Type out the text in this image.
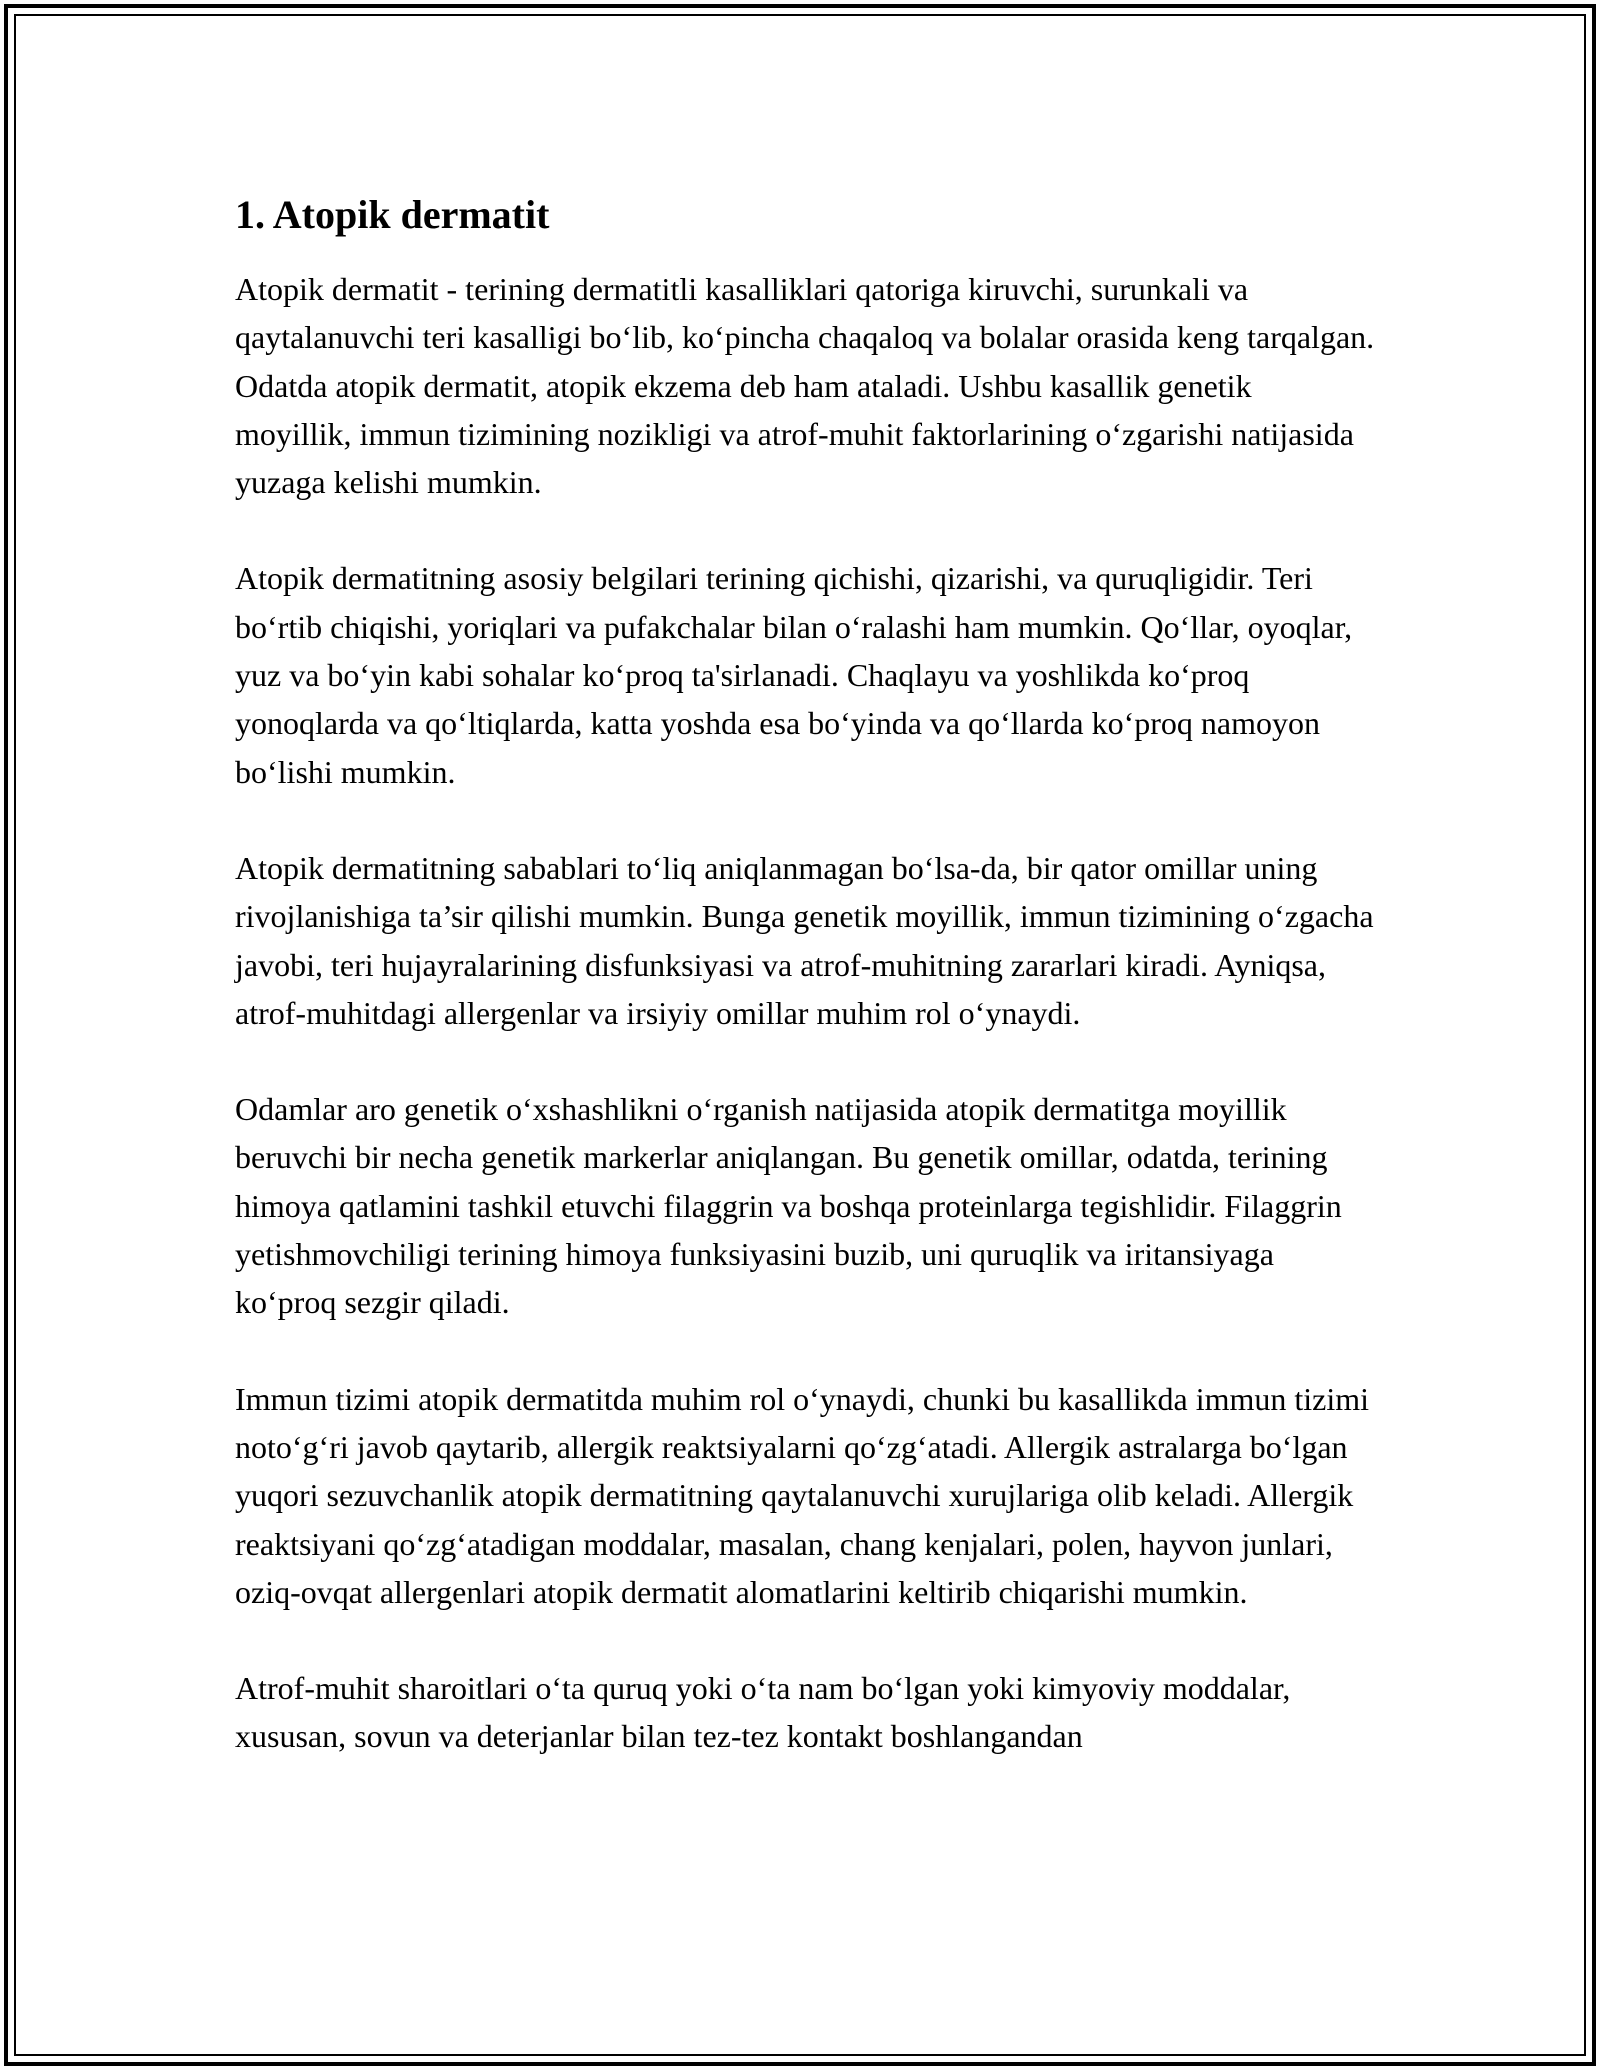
1. Atopik dermatit

Atopik dermatit - terining dermatitli kasalliklari qatoriga kiruvchi, surunkali va qaytalanuvchi teri kasalligi bo‘lib, ko‘pincha chaqaloq va bolalar orasida keng tarqalgan. Odatda atopik dermatit, atopik ekzema deb ham ataladi. Ushbu kasallik genetik moyillik, immun tizimining nozikligi va atrof-muhit faktorlarining o‘zgarishi natijasida yuzaga kelishi mumkin.

Atopik dermatitning asosiy belgilari terining qichishi, qizarishi, va quruqligidir. Teri bo‘rtib chiqishi, yoriqlari va pufakchalar bilan o‘ralashi ham mumkin. Qo‘llar, oyoqlar, yuz va bo‘yin kabi sohalar ko‘proq ta'sirlanadi. Chaqlayu va yoshlikda ko‘proq yonoqlarda va qo‘ltiqlarda, katta yoshda esa bo‘yinda va qo‘llarda ko‘proq namoyon bo‘lishi mumkin.

Atopik dermatitning sabablari to‘liq aniqlanmagan bo‘lsa-da, bir qator omillar uning rivojlanishiga ta’sir qilishi mumkin. Bunga genetik moyillik, immun tizimining o‘zgacha javobi, teri hujayralarining disfunksiyasi va atrof-muhitning zararlari kiradi. Ayniqsa, atrof-muhitdagi allergenlar va irsiyiy omillar muhim rol o‘ynaydi.

Odamlar aro genetik o‘xshashlikni o‘rganish natijasida atopik dermatitga moyillik beruvchi bir necha genetik markerlar aniqlangan. Bu genetik omillar, odatda, terining himoya qatlamini tashkil etuvchi filaggrin va boshqa proteinlarga tegishlidir. Filaggrin yetishmovchiligi terining himoya funksiyasini buzib, uni quruqlik va iritansiyaga ko‘proq sezgir qiladi.

Immun tizimi atopik dermatitda muhim rol o‘ynaydi, chunki bu kasallikda immun tizimi noto‘g‘ri javob qaytarib, allergik reaktsiyalarni qo‘zg‘atadi. Allergik astralarga bo‘lgan yuqori sezuvchanlik atopik dermatitning qaytalanuvchi xurujlariga olib keladi. Allergik reaktsiyani qo‘zg‘atadigan moddalar, masalan, chang kenjalari, polen, hayvon junlari, oziq-ovqat allergenlari atopik dermatit alomatlarini keltirib chiqarishi mumkin.

Atrof-muhit sharoitlari o‘ta quruq yoki o‘ta nam bo‘lgan yoki kimyoviy moddalar, xususan, sovun va deterjanlar bilan tez-tez kontakt boshlangandan
